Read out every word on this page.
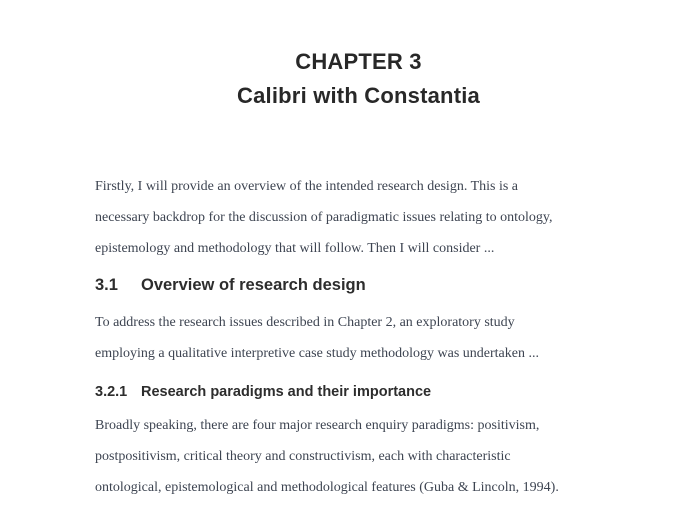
CHAPTER 3
Calibri with Constantia

Firstly, I will provide an overview of the intended research design. This is a
necessary backdrop for the discussion of paradigmatic issues relating to ontology,
epistemology and methodology that will follow. Then I will consider ...

3.1 Overview of research design

To address the research issues described in Chapter 2, an exploratory study
employing a qualitative interpretive case study methodology was undertaken ...

3.2.1 Research paradigms and their importance

Broadly speaking, there are four major research enquiry paradigms: positivism,
postpositivism, critical theory and constructivism, each with characteristic
ontological, epistemological and methodological features (Guba & Lincoln, 1994).
